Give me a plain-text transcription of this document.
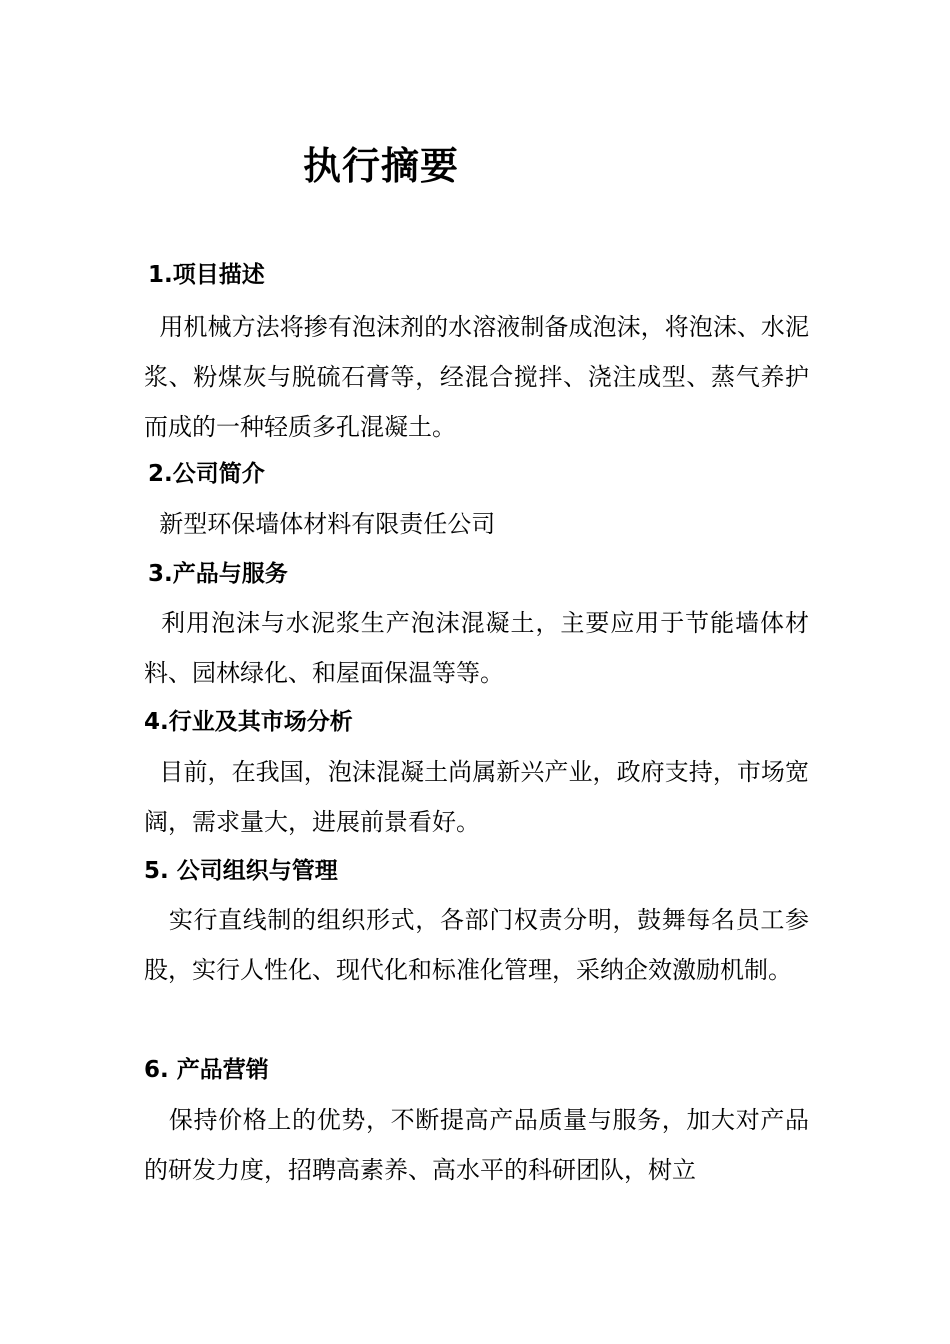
执行摘要
1.项目描述

用机械方法将掺有泡沫剂的水溶液制备成泡沫，将泡沫、水泥浆、粉煤灰与脱硫石膏等，经混合搅拌、浇注成型、蒸气养护而成的一种轻质多孔混凝土。

2.公司简介

新型环保墙体材料有限责任公司

3.产品与服务

利用泡沫与水泥浆生产泡沫混凝土，主要应用于节能墙体材料、园林绿化、和屋面保温等等。

4.行业及其市场分析

目前，在我国，泡沫混凝土尚属新兴产业，政府支持，市场宽阔，需求量大，进展前景看好。

5. 公司组织与管理

实行直线制的组织形式，各部门权责分明，鼓舞每名员工参股，实行人性化、现代化和标准化管理，采纳企效激励机制。

6. 产品营销

保持价格上的优势，不断提高产品质量与服务，加大对产品的研发力度，招聘高素养、高水平的科研团队，树立
